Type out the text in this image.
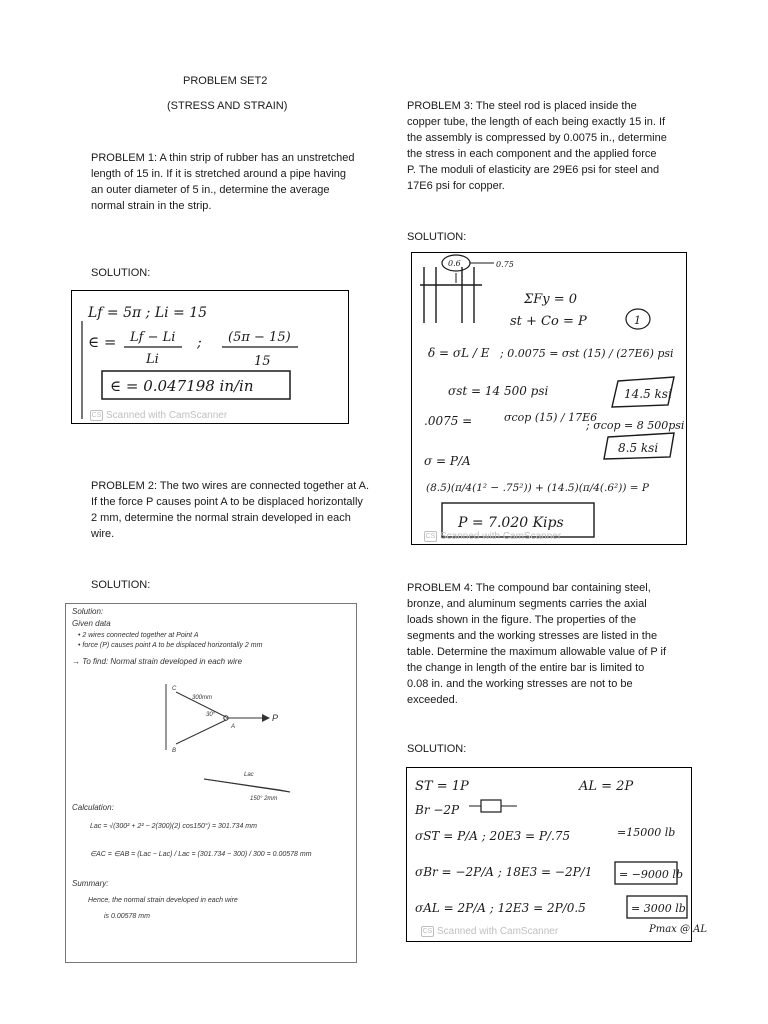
PROBLEM SET2
(STRESS AND STRAIN)

PROBLEM 1: A thin strip of rubber has an unstretched length of 15 in. If it is stretched around a pipe having an outer diameter of 5 in., determine the average normal strain in the strip.

SOLUTION:
Lf = 5π ; Li = 15
∈ = Lf − Li
Li
; (5π − 15)
15
∈ = 0.047198 in/in
CS Scanned with CamScanner

PROBLEM 2: The two wires are connected together at A. If the force P causes point A to be displaced horizontally 2 mm, determine the normal strain developed in each wire.

SOLUTION:
Solution:
Given data
• 2 wires connected together at Point A
• force (P) causes point A to be displaced horizontally 2 mm
→ To find: Normal strain developed in each wire
300mm
30°	P
A
C
B
Lac
150° 2mm
Calculation:
Lac = √(300² + 2² − 2(300)(2) cos150°) = 301.734 mm
∈AC = ∈AB = (Lac − Lac) / Lac = (301.734 − 300) / 300 = 0.00578 mm
Summary:
Hence, the normal strain developed in each wire
is 0.00578 mm

PROBLEM 3: The steel rod is placed inside the copper tube, the length of each being exactly 15 in. If the assembly is compressed by 0.0075 in., determine the stress in each component and the applied force P. The moduli of elasticity are 29E6 psi for steel and 17E6 psi for copper.

SOLUTION:
0.6	0.75
ΣFy = 0
st + Co = P	1
δ = σL / E ; 0.0075 = σst (15) / (27E6) psi
σst = 14 500 psi	14.5 ksi
.0075 =	σcop (15) / 17E6
; σcop = 8 500psi
8.5 ksi
σ = P/A
(8.5)(π/4(1² − .75²)) + (14.5)(π/4(.6²)) = P
P = 7.020 Kips
CS Scanned with CamScanner

PROBLEM 4: The compound bar containing steel, bronze, and aluminum segments carries the axial loads shown in the figure. The properties of the segments and the working stresses are listed in the table. Determine the maximum allowable value of P if the change in length of the entire bar is limited to 0.08 in. and the working stresses are not to be exceeded.

SOLUTION:
ST = 1P	AL = 2P
Br −2P
σST = P/A ; 20E3 = P/.75	=15000 lb
σBr = −2P/A ; 18E3 = −2P/1 = −9000 lb
σAL = 2P/A ; 12E3 = 2P/0.5	= 3000 lb
Pmax @ AL
CS Scanned with CamScanner
